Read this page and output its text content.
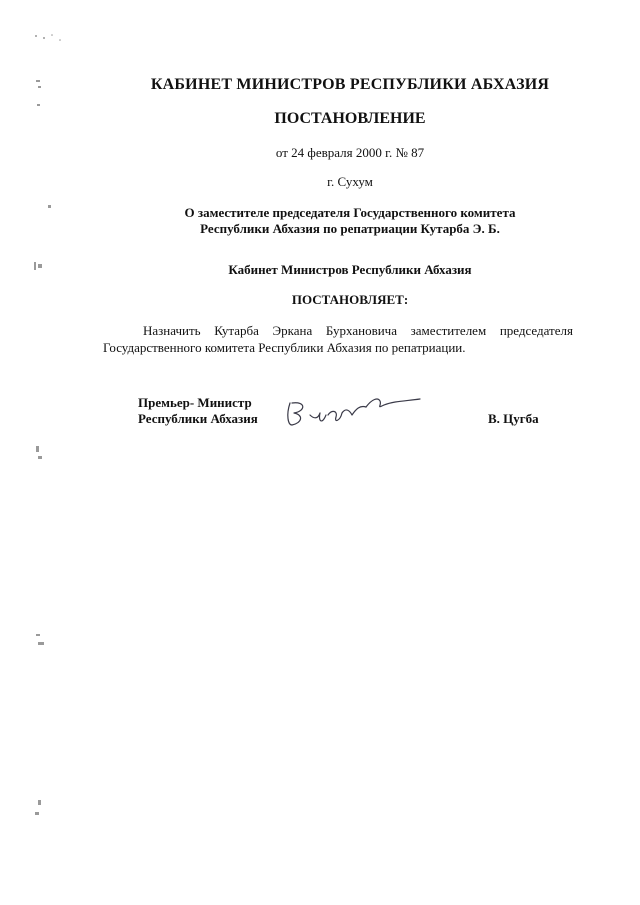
КАБИНЕТ МИНИСТРОВ РЕСПУБЛИКИ АБХАЗИЯ
ПОСТАНОВЛЕНИЕ
от 24 февраля 2000 г. № 87
г. Сухум
О заместителе председателя Государственного комитета
Республики Абхазия по репатриации Кутарба Э. Б.
Кабинет Министров Республики Абхазия
ПОСТАНОВЛЯЕТ:
Назначить Кутарба Эркана Бурхановича заместителем председателя
Государственного комитета Республики Абхазия по репатриации.
Премьер- Министр
Республики Абхазия	В. Цугба
